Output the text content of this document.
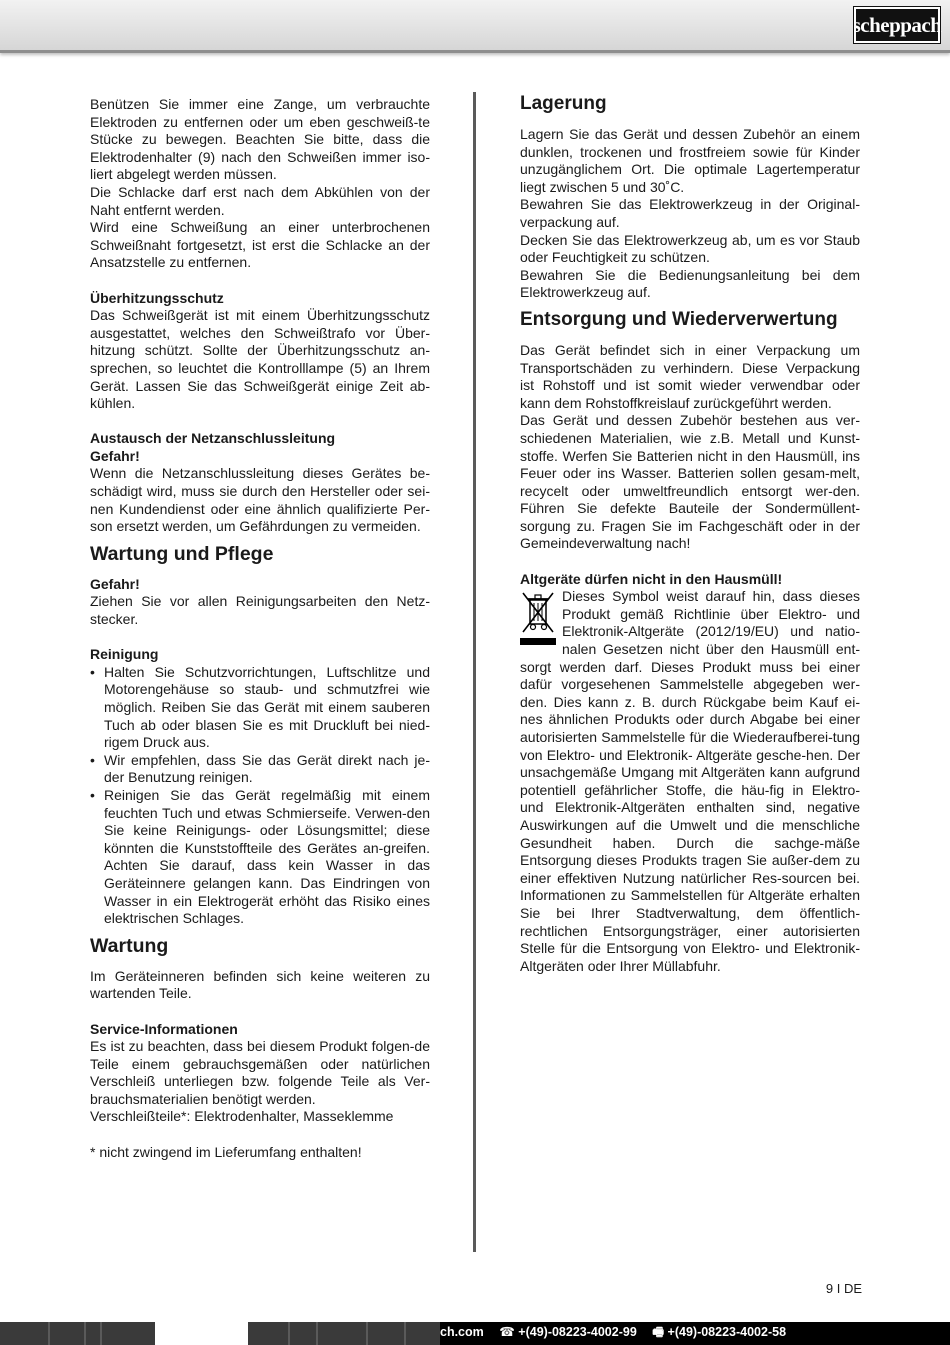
scheppach

Benützen Sie immer eine Zange, um verbrauchte Elektroden zu entfernen oder um eben geschweiß-te Stücke zu bewegen. Beachten Sie bitte, dass die Elektrodenhalter (9) nach den Schweißen immer iso-liert abgelegt werden müssen.

Die Schlacke darf erst nach dem Abkühlen von der Naht entfernt werden.

Wird eine Schweißung an einer unterbrochenen Schweißnaht fortgesetzt, ist erst die Schlacke an der Ansatzstelle zu entfernen.

Überhitzungsschutz

Das Schweißgerät ist mit einem Überhitzungsschutz ausgestattet, welches den Schweißtrafo vor Über-hitzung schützt. Sollte der Überhitzungsschutz an-sprechen, so leuchtet die Kontrolllampe (5) an Ihrem Gerät. Lassen Sie das Schweißgerät einige Zeit ab-kühlen.

Austausch der Netzanschlussleitung

Gefahr!

Wenn die Netzanschlussleitung dieses Gerätes be-schädigt wird, muss sie durch den Hersteller oder sei-nen Kundendienst oder eine ähnlich qualifizierte Per-son ersetzt werden, um Gefährdungen zu vermeiden.

Wartung und Pflege

Gefahr!

Ziehen Sie vor allen Reinigungsarbeiten den Netz-stecker.

Reinigung

• Halten Sie Schutzvorrichtungen, Luftschlitze und Motorengehäuse so staub- und schmutzfrei wie möglich. Reiben Sie das Gerät mit einem sauberen Tuch ab oder blasen Sie es mit Druckluft bei nied-rigem Druck aus.
• Wir empfehlen, dass Sie das Gerät direkt nach je-der Benutzung reinigen.
• Reinigen Sie das Gerät regelmäßig mit einem feuchten Tuch und etwas Schmierseife. Verwen-den Sie keine Reinigungs- oder Lösungsmittel; diese könnten die Kunststoffteile des Gerätes an-greifen. Achten Sie darauf, dass kein Wasser in das Geräteinnere gelangen kann. Das Eindringen von Wasser in ein Elektrogerät erhöht das Risiko eines elektrischen Schlages.
Wartung

Im Geräteinneren befinden sich keine weiteren zu wartenden Teile.

Service-Informationen

Es ist zu beachten, dass bei diesem Produkt folgen-de Teile einem gebrauchsgemäßen oder natürlichen Verschleiß unterliegen bzw. folgende Teile als Ver-brauchsmaterialien benötigt werden.

Verschleißteile*: Elektrodenhalter, Masseklemme

* nicht zwingend im Lieferumfang enthalten!

Lagerung

Lagern Sie das Gerät und dessen Zubehör an einem dunklen, trockenen und frostfreiem sowie für Kinder unzugänglichem Ort. Die optimale Lagertemperatur liegt zwischen 5 und 30˚C.

Bewahren Sie das Elektrowerkzeug in der Original-verpackung auf.

Decken Sie das Elektrowerkzeug ab, um es vor Staub oder Feuchtigkeit zu schützen.

Bewahren Sie die Bedienungsanleitung bei dem Elektrowerkzeug auf.

Entsorgung und Wiederverwertung

Das Gerät befindet sich in einer Verpackung um Transportschäden zu verhindern. Diese Verpackung ist Rohstoff und ist somit wieder verwendbar oder kann dem Rohstoffkreislauf zurückgeführt werden.

Das Gerät und dessen Zubehör bestehen aus ver-schiedenen Materialien, wie z.B. Metall und Kunst-stoffe. Werfen Sie Batterien nicht in den Hausmüll, ins Feuer oder ins Wasser. Batterien sollen gesam-melt, recycelt oder umweltfreundlich entsorgt wer-den. Führen Sie defekte Bauteile der Sondermüllent-sorgung zu. Fragen Sie im Fachgeschäft oder in der Gemeindeverwaltung nach!

Altgeräte dürfen nicht in den Hausmüll!

Dieses Symbol weist darauf hin, dass dieses Produkt gemäß Richtlinie über Elektro- und Elektronik-Altgeräte (2012/19/EU) und natio-nalen Gesetzen nicht über den Hausmüll ent-sorgt werden darf. Dieses Produkt muss bei einer dafür vorgesehenen Sammelstelle abgegeben wer-den. Dies kann z. B. durch Rückgabe beim Kauf ei-nes ähnlichen Produkts oder durch Abgabe bei einer autorisierten Sammelstelle für die Wiederaufberei-tung von Elektro- und Elektronik- Altgeräte gesche-hen. Der unsachgemäße Umgang mit Altgeräten kann aufgrund potentiell gefährlicher Stoffe, die häu-fig in Elektro- und Elektronik-Altgeräten enthalten sind, negative Auswirkungen auf die Umwelt und die menschliche Gesundheit haben. Durch die sachge-mäße Entsorgung dieses Produkts tragen Sie außer-dem zu einer effektiven Nutzung natürlicher Res-sourcen bei. Informationen zu Sammelstellen für Altgeräte erhalten Sie bei Ihrer Stadtverwaltung, dem öffentlich-rechtlichen Entsorgungsträger, einer autorisierten Stelle für die Entsorgung von Elektro- und Elektronik-Altgeräten oder Ihrer Müllabfuhr.

9 I DE
ch.com ☎ +(49)-08223-4002-99 🖷 +(49)-08223-4002-58
